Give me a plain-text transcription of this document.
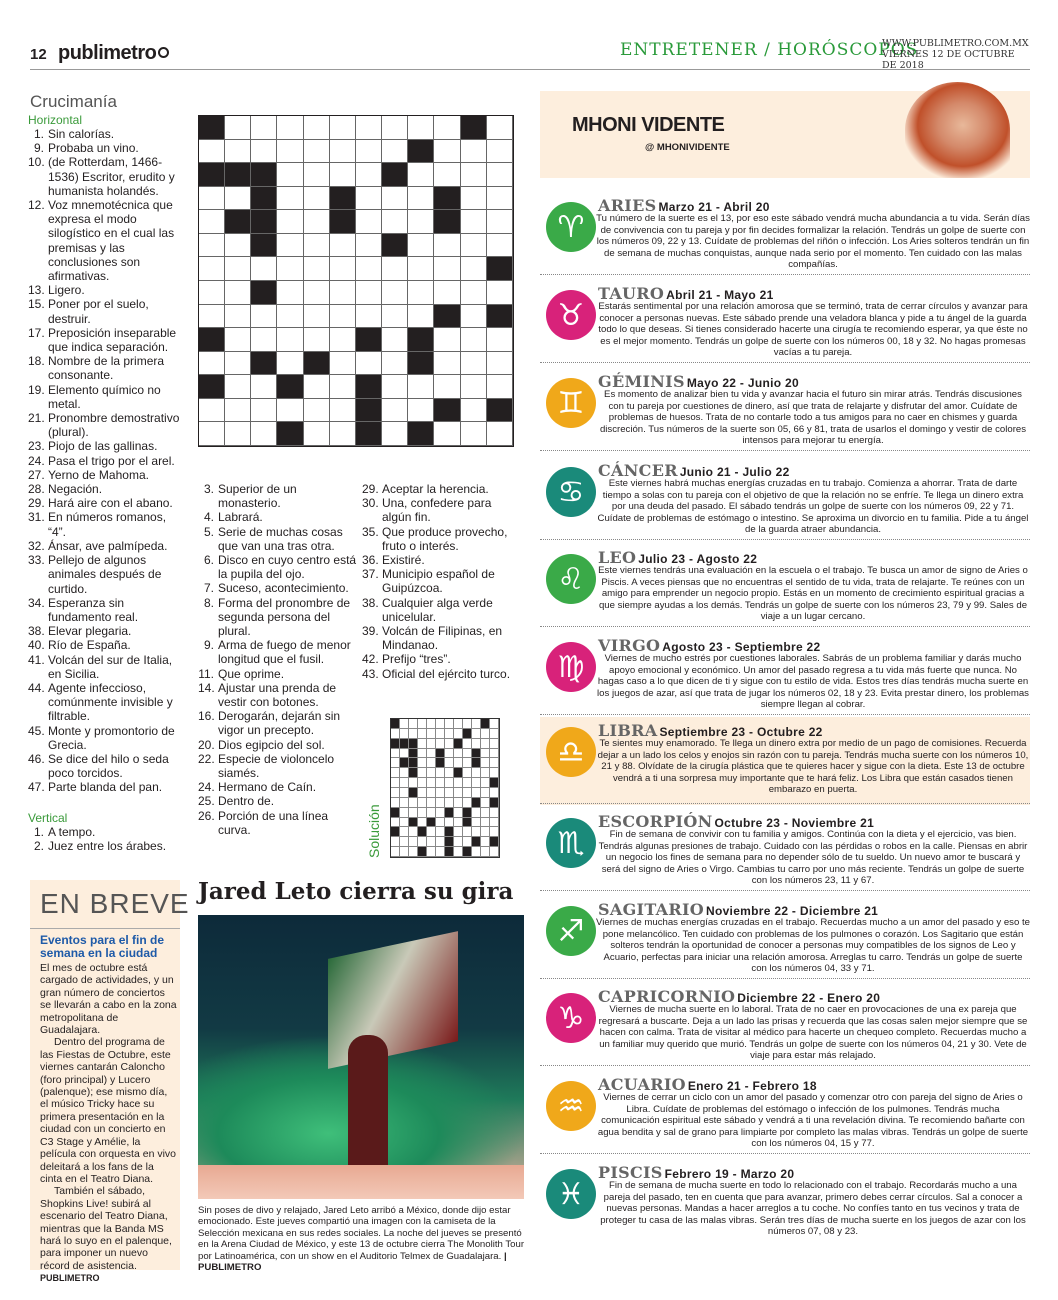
12 publimetro	ENTRETENER / HORÓSCOPOS
WWW.PUBLIMETRO.COM.MX
VIERNES 12 DE OCTUBRE DE 2018
Crucimanía
Horizontal
1. Sin calorías.
9. Probaba un vino.
10. (de Rotterdam, 1466-1536) Escritor, erudito y humanista holandés.
12. Voz mnemotécnica que expresa el modo silogístico en el cual las premisas y las conclusiones son afirmativas.
13. Ligero.
15. Poner por el suelo, destruir.
17. Preposición inseparable que indica separación.
18. Nombre de la primera consonante.
19. Elemento químico no metal.
21. Pronombre demostrativo (plural).
23. Piojo de las gallinas.
24. Pasa el trigo por el arel.
27. Yerno de Mahoma.
28. Negación.
29. Hará aire con el abano.
31. En números romanos, “4”.
32. Ánsar, ave palmípeda.
33. Pellejo de algunos animales después de curtido.
34. Esperanza sin fundamento real.
38. Elevar plegaria.
40. Río de España.
41. Volcán del sur de Italia, en Sicilia.
44. Agente infeccioso, comúnmente invisible y filtrable.
45. Monte y promontorio de Grecia.
46. Se dice del hilo o seda poco torcidos.
47. Parte blanda del pan.
Vertical
1. A tempo.
2. Juez entre los árabes.
3. Superior de un monasterio.
4. Labrará.
5. Serie de muchas cosas que van una tras otra.
6. Disco en cuyo centro está la pupila del ojo.
7. Suceso, acontecimiento.
8. Forma del pronombre de segunda persona del plural.
9. Arma de fuego de menor longitud que el fusil.
11. Que oprime.
14. Ajustar una prenda de vestir con botones.
16. Derogarán, dejarán sin vigor un precepto.
20. Dios egipcio del sol.
22. Especie de violoncelo siamés.
24. Hermano de Caín.
25. Dentro de.
26. Porción de una línea curva.
29. Aceptar la herencia.
30. Una, confedere para algún fin.
35. Que produce provecho, fruto o interés.
36. Existiré.
37. Municipio español de Guipúzcoa.
38. Cualquier alga verde unicelular.
39. Volcán de Filipinas, en Mindanao.
42. Prefijo “tres”.
43. Oficial del ejército turco.
Solución
EN BREVE
Eventos para el fin de semana en la ciudad

El mes de octubre está cargado de actividades, y un gran número de conciertos se llevarán a cabo en la zona metropolitana de Guadalajara.

Dentro del programa de las Fiestas de Octubre, este viernes cantarán Caloncho (foro principal) y Lucero (palenque); ese mismo día, el músico Tricky hace su primera presentación en la ciudad con un concierto en C3 Stage y Amélie, la película con orquesta en vivo deleitará a los fans de la cinta en el Teatro Diana.

También el sábado, Shopkins Live! subirá al escenario del Teatro Diana, mientras que la Banda MS hará lo suyo en el palenque, para imponer un nuevo récord de asistencia.

PUBLIMETRO
Jared Leto cierra su gira
Sin poses de divo y relajado, Jared Leto arribó a México, donde dijo estar emocionado. Este jueves compartió una imagen con la camiseta de la Selección mexicana en sus redes sociales. La noche del jueves se presentó en la Arena Ciudad de México, y este 13 de octubre cierra The Monolith Tour por Latinoamérica, con un show en el Auditorio Telmex de Guadalajara. | PUBLIMETRO
MHONI VIDENTE
@ MHONIVIDENTE
♈
ARIES Marzo 21 - Abril 20
Tu número de la suerte es el 13, por eso este sábado vendrá mucha abundancia a tu vida. Serán días de convivencia con tu pareja y por fin decides formalizar la relación. Tendrás un golpe de suerte con los números 09, 22 y 13. Cuídate de problemas del riñón o infección. Los Aries solteros tendrán un fin de semana de muchas conquistas, aunque nada serio por el momento. Ten cuidado con las malas compañías.
♉
TAURO Abril 21 - Mayo 21
Estarás sentimental por una relación amorosa que se terminó, trata de cerrar círculos y avanzar para conocer a personas nuevas. Este sábado prende una veladora blanca y pide a tu ángel de la guarda todo lo que deseas. Si tienes considerado hacerte una cirugía te recomiendo esperar, ya que éste no es el mejor momento. Tendrás un golpe de suerte con los números 00, 18 y 32. No hagas promesas vacías a tu pareja.
♊
GÉMINIS Mayo 22 - Junio 20
Es momento de analizar bien tu vida y avanzar hacia el futuro sin mirar atrás. Tendrás discusiones con tu pareja por cuestiones de dinero, así que trata de relajarte y disfrutar del amor. Cuídate de problemas de huesos. Trata de no contarle todo a tus amigos para no caer en chismes y guarda discreción. Tus números de la suerte son 05, 66 y 81, trata de usarlos el domingo y vestir de colores intensos para mejorar tu energía.
♋
CÁNCER Junio 21 - Julio 22
Este viernes habrá muchas energías cruzadas en tu trabajo. Comienza a ahorrar. Trata de darte tiempo a solas con tu pareja con el objetivo de que la relación no se enfríe. Te llega un dinero extra por una deuda del pasado. El sábado tendrás un golpe de suerte con los números 09, 22 y 71. Cuídate de problemas de estómago o intestino. Se aproxima un divorcio en tu familia. Pide a tu ángel de la guarda atraer abundancia.
♌
LEO Julio 23 - Agosto 22
Este viernes tendrás una evaluación en la escuela o el trabajo. Te busca un amor de signo de Aries o Piscis. A veces piensas que no encuentras el sentido de tu vida, trata de relajarte. Te reúnes con un amigo para emprender un negocio propio. Estás en un momento de crecimiento espiritual gracias a que siempre ayudas a los demás. Tendrás un golpe de suerte con los números 23, 79 y 99. Sales de viaje a un lugar cercano.
♍
VIRGO Agosto 23 - Septiembre 22
Viernes de mucho estrés por cuestiones laborales. Sabrás de un problema familiar y darás mucho apoyo emocional y económico. Un amor del pasado regresa a tu vida más fuerte que nunca. No hagas caso a lo que dicen de ti y sigue con tu estilo de vida. Estos tres días tendrás mucha suerte en los juegos de azar, así que trata de jugar los números 02, 18 y 23. Evita prestar dinero, los problemas siempre llegan al cobrar.
♎
LIBRA Septiembre 23 - Octubre 22
Te sientes muy enamorado. Te llega un dinero extra por medio de un pago de comisiones. Recuerda dejar a un lado los celos y enojos sin razón con tu pareja. Tendrás mucha suerte con los números 10, 21 y 88. Olvídate de la cirugía plástica que te quieres hacer y sigue con la dieta. Este 13 de octubre vendrá a ti una sorpresa muy importante que te hará feliz. Los Libra que están casados tienen embarazo en puerta.
♏
ESCORPIÓN Octubre 23 - Noviembre 21
Fin de semana de convivir con tu familia y amigos. Continúa con la dieta y el ejercicio, vas bien. Tendrás algunas presiones de trabajo. Cuidado con las pérdidas o robos en la calle. Piensas en abrir un negocio los fines de semana para no depender sólo de tu sueldo. Un nuevo amor te buscará y será del signo de Aries o Virgo. Cambias tu carro por uno más reciente. Tendrás un golpe de suerte con los números 23, 11 y 67.
♐
SAGITARIO Noviembre 22 - Diciembre 21
Viernes de muchas energías cruzadas en el trabajo. Recuerdas mucho a un amor del pasado y eso te pone melancólico. Ten cuidado con problemas de los pulmones o corazón. Los Sagitario que están solteros tendrán la oportunidad de conocer a personas muy compatibles de los signos de Leo y Acuario, perfectas para iniciar una relación amorosa. Arreglas tu carro. Tendrás un golpe de suerte con los números 04, 33 y 71.
♑
CAPRICORNIO Diciembre 22 - Enero 20
Viernes de mucha suerte en lo laboral. Trata de no caer en provocaciones de una ex pareja que regresará a buscarte. Deja a un lado las prisas y recuerda que las cosas salen mejor siempre que se hacen con calma. Trata de visitar al médico para hacerte un chequeo completo. Recuerdas mucho a un familiar muy querido que murió. Tendrás un golpe de suerte con los números 04, 21 y 30. Vete de viaje para estar más relajado.
♒
ACUARIO Enero 21 - Febrero 18
Viernes de cerrar un ciclo con un amor del pasado y comenzar otro con pareja del signo de Aries o Libra. Cuídate de problemas del estómago o infección de los pulmones. Tendrás mucha comunicación espiritual este sábado y vendrá a ti una revelación divina. Te recomiendo bañarte con agua bendita y sal de grano para limpiarte por completo las malas vibras. Tendrás un golpe de suerte con los números 04, 15 y 77.
♓
PISCIS Febrero 19 - Marzo 20
Fin de semana de mucha suerte en todo lo relacionado con el trabajo. Recordarás mucho a una pareja del pasado, ten en cuenta que para avanzar, primero debes cerrar círculos. Sal a conocer a nuevas personas. Mandas a hacer arreglos a tu coche. No confíes tanto en tus vecinos y trata de proteger tu casa de las malas vibras. Serán tres días de mucha suerte en los juegos de azar con los números 07, 08 y 23.
